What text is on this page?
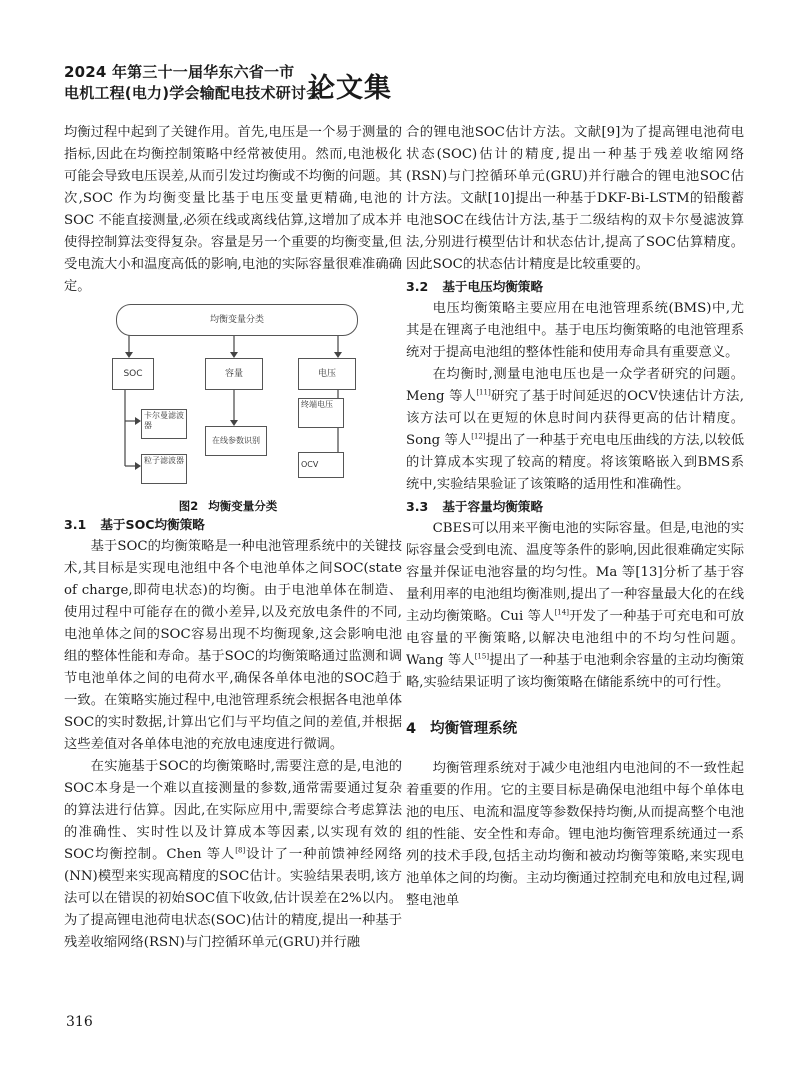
2024 年第三十一届华东六省一市
电机工程(电力)学会输配电技术研讨会
论文集

均衡过程中起到了关键作用。首先,电压是一个易于测量的指标,因此在均衡控制策略中经常被使用。然而,电池极化可能会导致电压误差,从而引发过均衡或不均衡的问题。其次,SOC 作为均衡变量比基于电压变量更精确,电池的 SOC 不能直接测量,必须在线或离线估算,这增加了成本并使得控制算法变得复杂。容量是另一个重要的均衡变量,但受电流大小和温度高低的影响,电池的实际容量很难准确确定。

均衡变量分类
SOC	容量	电压
卡尔曼滤波器
粒子滤波器
在线参数识别
终端电压
OCV

图2 均衡变量分类

3.1 基于SOC均衡策略

基于SOC的均衡策略是一种电池管理系统中的关键技术,其目标是实现电池组中各个电池单体之间SOC(state of charge,即荷电状态)的均衡。由于电池单体在制造、使用过程中可能存在的微小差异,以及充放电条件的不同,电池单体之间的SOC容易出现不均衡现象,这会影响电池组的整体性能和寿命。基于SOC的均衡策略通过监测和调节电池单体之间的电荷水平,确保各单体电池的SOC趋于一致。在策略实施过程中,电池管理系统会根据各电池单体SOC的实时数据,计算出它们与平均值之间的差值,并根据这些差值对各单体电池的充放电速度进行微调。

在实施基于SOC的均衡策略时,需要注意的是,电池的SOC本身是一个难以直接测量的参数,通常需要通过复杂的算法进行估算。因此,在实际应用中,需要综合考虑算法的准确性、实时性以及计算成本等因素,以实现有效的SOC均衡控制。Chen 等人[8]设计了一种前馈神经网络(NN)模型来实现高精度的SOC估计。实验结果表明,该方法可以在错误的初始SOC值下收敛,估计误差在2%以内。为了提高锂电池荷电状态(SOC)估计的精度,提出一种基于残差收缩网络(RSN)与门控循环单元(GRU)并行融

合的锂电池SOC估计方法。文献[9]为了提高锂电池荷电状态(SOC)估计的精度,提出一种基于残差收缩网络(RSN)与门控循环单元(GRU)并行融合的锂电池SOC估计方法。文献[10]提出一种基于DKF-Bi-LSTM的铅酸蓄电池SOC在线估计方法,基于二级结构的双卡尔曼滤波算法,分别进行模型估计和状态估计,提高了SOC估算精度。因此SOC的状态估计精度是比较重要的。

3.2 基于电压均衡策略

电压均衡策略主要应用在电池管理系统(BMS)中,尤其是在锂离子电池组中。基于电压均衡策略的电池管理系统对于提高电池组的整体性能和使用寿命具有重要意义。

在均衡时,测量电池电压也是一众学者研究的问题。Meng 等人[11]研究了基于时间延迟的OCV快速估计方法,该方法可以在更短的休息时间内获得更高的估计精度。Song 等人[12]提出了一种基于充电电压曲线的方法,以较低的计算成本实现了较高的精度。将该策略嵌入到BMS系统中,实验结果验证了该策略的适用性和准确性。

3.3 基于容量均衡策略

CBES可以用来平衡电池的实际容量。但是,电池的实际容量会受到电流、温度等条件的影响,因此很难确定实际容量并保证电池容量的均匀性。Ma 等[13]分析了基于容量利用率的电池组均衡准则,提出了一种容量最大化的在线主动均衡策略。Cui 等人[14]开发了一种基于可充电和可放电容量的平衡策略,以解决电池组中的不均匀性问题。Wang 等人[15]提出了一种基于电池剩余容量的主动均衡策略,实验结果证明了该均衡策略在储能系统中的可行性。

4 均衡管理系统

均衡管理系统对于减少电池组内电池间的不一致性起着重要的作用。它的主要目标是确保电池组中每个单体电池的电压、电流和温度等参数保持均衡,从而提高整个电池组的性能、安全性和寿命。锂电池均衡管理系统通过一系列的技术手段,包括主动均衡和被动均衡等策略,来实现电池单体之间的均衡。主动均衡通过控制充电和放电过程,调整电池单

316
